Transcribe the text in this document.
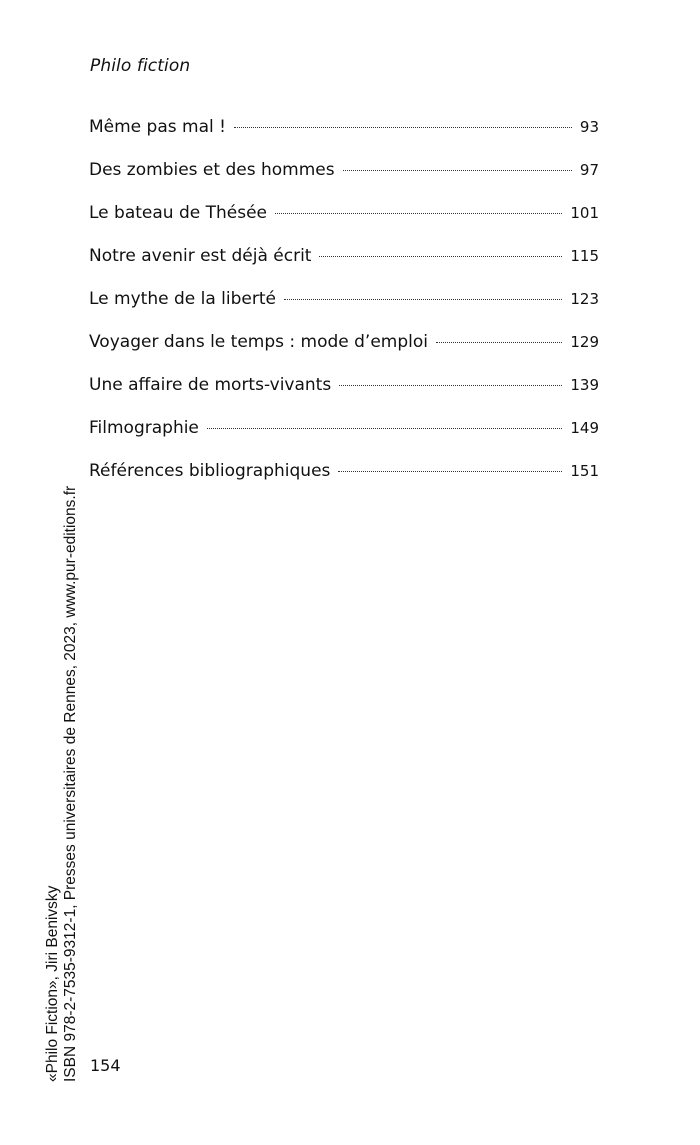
Philo fiction
Même pas mal !	93
Des zombies et des hommes	97
Le bateau de Thésée	101
Notre avenir est déjà écrit	115
Le mythe de la liberté	123
Voyager dans le temps : mode d’emploi	129
Une affaire de morts-vivants	139
Filmographie	149
Références bibliographiques	151
«Philo Fiction», Jiri Benivsky ISBN 978-2-7535-9312-1, Presses universitaires de Rennes, 2023, www.pur-editions.fr 154
